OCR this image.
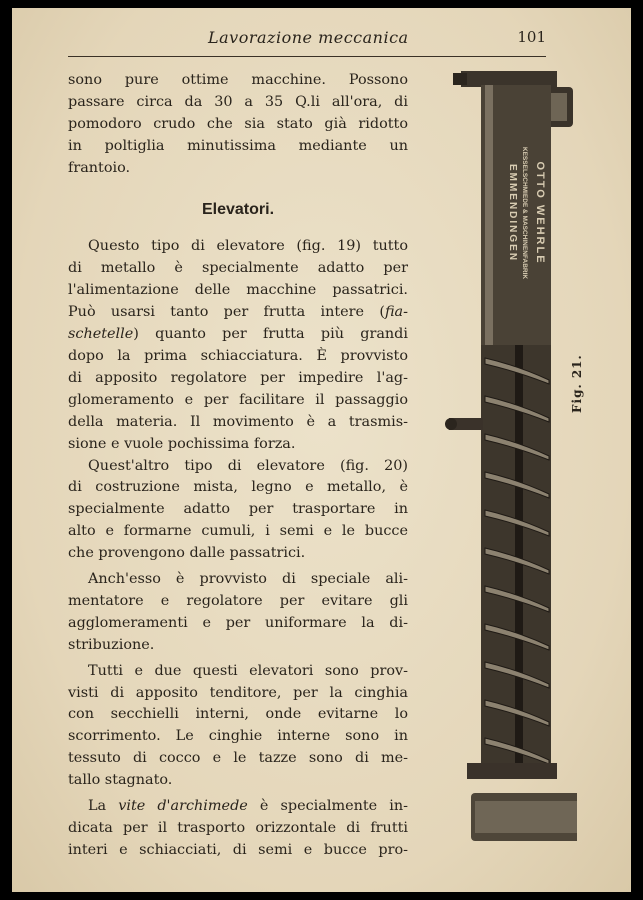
Lavorazione meccanica	101

sono pure ottime macchine. Possono
passare circa da 30 a 35 Q.li all'ora, di
pomodoro crudo che sia stato già ridotto
in poltiglia minutissima mediante un
frantoio.

Elevatori.

Questo tipo di elevatore (fig. 19) tutto
di metallo è specialmente adatto per
l'alimentazione delle macchine passatrici.
Può usarsi tanto per frutta intere (fia-
schetelle) quanto per frutta più grandi
dopo la prima schiacciatura. È provvisto
di apposito regolatore per impedire l'ag-
glomeramento e per facilitare il passaggio
della materia. Il movimento è a trasmis-
sione e vuole pochissima forza.

Quest'altro tipo di elevatore (fig. 20)
di costruzione mista, legno e metallo, è
specialmente adatto per trasportare in
alto e formarne cumuli, i semi e le bucce
che provengono dalle passatrici.

Anch'esso è provvisto di speciale ali-
mentatore e regolatore per evitare gli
agglomeramenti e per uniformare la di-
stribuzione.

Tutti e due questi elevatori sono prov-
visti di apposito tenditore, per la cinghia
con secchielli interni, onde evitarne lo
scorrimento. Le cinghie interne sono in
tessuto di cocco e le tazze sono di me-
tallo stagnato.

La vite d'archimede è specialmente in-
dicata per il trasporto orizzontale di frutti
interi e schiacciati, di semi e bucce pro-

OTTO WEHRLE
KESSELSCHMIEDE & MASCHINENFABRIK
EMMENDINGEN
Fig. 21.
